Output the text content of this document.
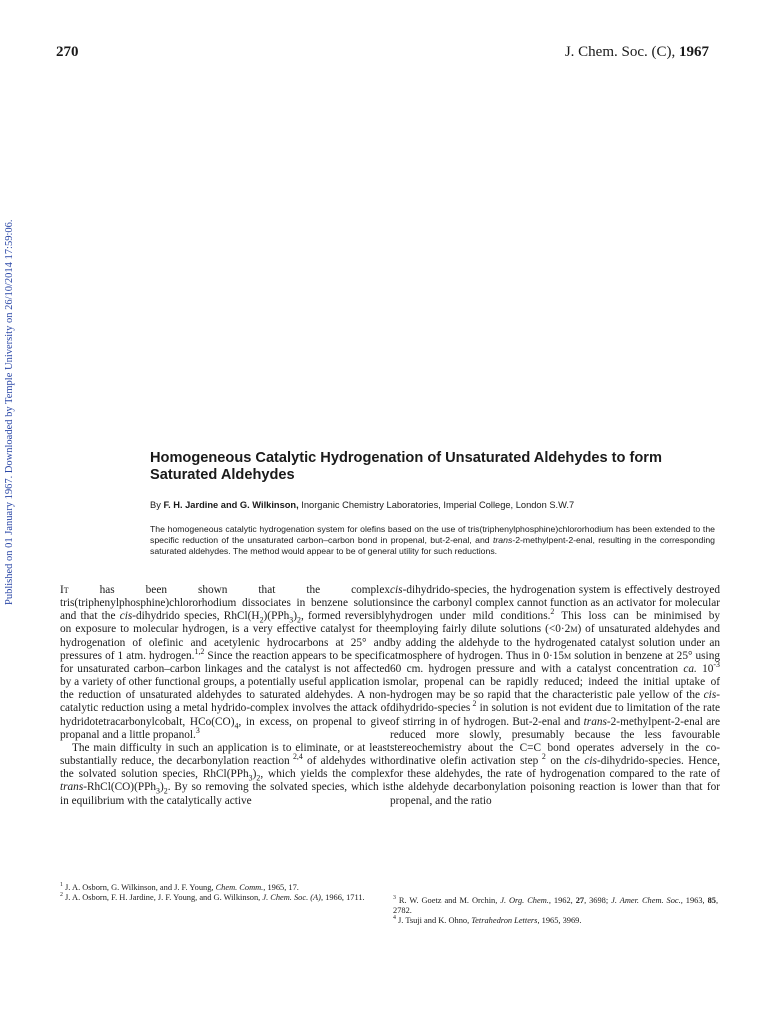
270	J. Chem. Soc. (C), 1967
Published on 01 January 1967. Downloaded by Temple University on 26/10/2014 17:59:06.	Homogeneous Catalytic Hydrogenation of Unsaturated Aldehydes to form Saturated Aldehydes
By F. H. Jardine and G. Wilkinson, Inorganic Chemistry Laboratories, Imperial College, London S.W.7
The homogeneous catalytic hydrogenation system for olefins based on the use of tris(triphenylphosphine)chlororhodium has been extended to the specific reduction of the unsaturated carbon–carbon bond in propenal, but-2-enal, and trans-2-methylpent-2-enal, resulting in the corresponding saturated aldehydes. The method would appear to be of general utility for such reductions.

It has been shown that the complex tris(triphenylphosphine)chlororhodium dissociates in benzene solution and that the cis-dihydrido species, $RhCl(H_2)(PPh_3)_2$, formed reversibly on exposure to molecular hydrogen, is a very effective catalyst for the hydrogenation of olefinic and acetylenic hydrocarbons at 25° and pressures of 1 atm. hydrogen.$^{1,2}$ Since the reaction appears to be specific for unsaturated carbon–carbon linkages and the catalyst is not affected by a variety of other functional groups, a potentially useful application is the reduction of unsaturated aldehydes to saturated aldehydes. A non-catalytic reduction using a metal hydrido-complex involves the attack of hydridotetracarbonylcobalt, $HCo(CO)_4$, in excess, on propenal to give propanal and a little propanol.$^3$

The main difficulty in such an application is to eliminate, or at least substantially reduce, the decarbonylation reaction $^{2,4}$ of aldehydes with the solvated solution species, $RhCl(PPh_3)_2$, which yields the complex trans-$RhCl(CO)(PPh_3)_2$. By so removing the solvated species, which is in equilibrium with the catalytically active

cis-dihydrido-species, the hydrogenation system is effectively destroyed since the carbonyl complex cannot function as an activator for molecular hydrogen under mild conditions.$^2$ This loss can be minimised by employing fairly dilute solutions (<0·2m) of unsaturated aldehydes and by adding the aldehyde to the hydrogenated catalyst solution under an atmosphere of hydrogen. Thus in 0·15m solution in benzene at 25° using 60 cm. hydrogen pressure and with a catalyst concentration ca. $10^{-3}$ molar, propenal can be rapidly reduced; indeed the initial uptake of hydrogen may be so rapid that the characteristic pale yellow of the cis-dihydrido-species $^2$ in solution is not evident due to limitation of the rate of stirring in of hydrogen. But-2-enal and trans-2-methylpent-2-enal are reduced more slowly, presumably because the less favourable stereochemistry about the C=C bond operates adversely in the co-ordinative olefin activation step $^2$ on the cis-dihydrido-species. Hence, for these aldehydes, the rate of hydrogenation compared to the rate of the aldehyde decarbonylation poisoning reaction is lower than that for propenal, and the ratio

$^1$ J. A. Osborn, G. Wilkinson, and J. F. Young, Chem. Comm., 1965, 17.

$^2$ J. A. Osborn, F. H. Jardine, J. F. Young, and G. Wilkinson, J. Chem. Soc. (A), 1966, 1711.	$^3$ R. W. Goetz and M. Orchin, J. Org. Chem., 1962, 27, 3698; J. Amer. Chem. Soc., 1963, 85, 2782.

$^4$ J. Tsuji and K. Ohno, Tetrahedron Letters, 1965, 3969.
